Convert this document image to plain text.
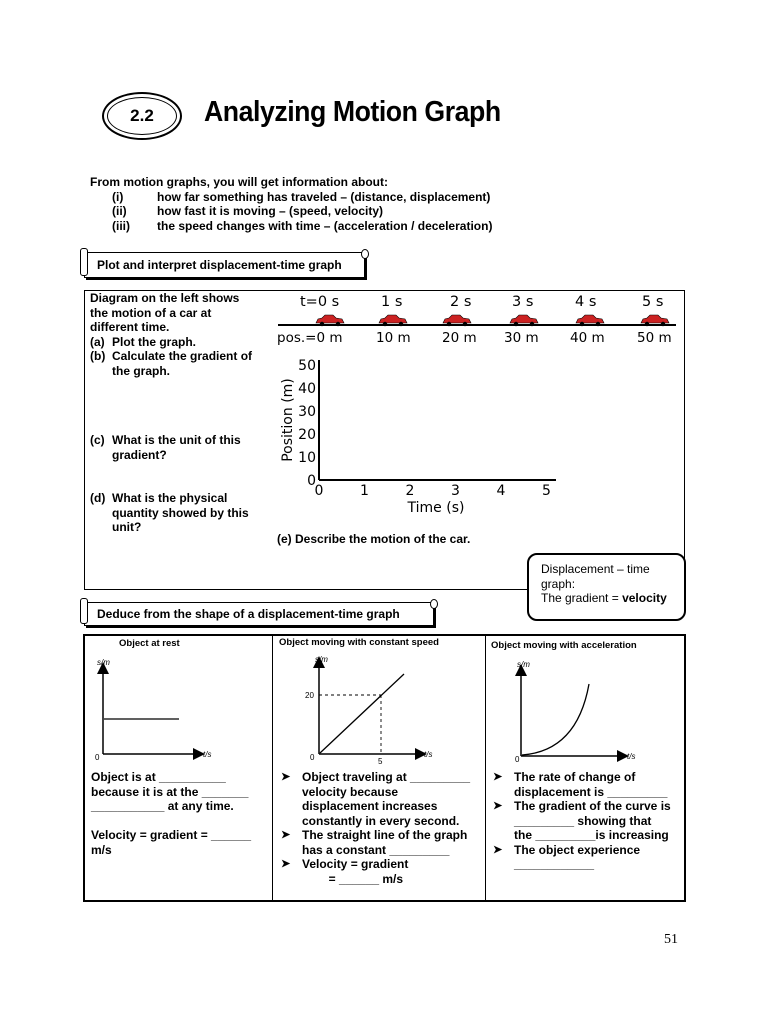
2.2 Analyzing Motion Graph
From motion graphs, you will get information about:
(i)	how far something has traveled – (distance, displacement)
(ii)	how fast it is moving – (speed, velocity)
(iii) the speed changes with time – (acceleration / deceleration)
Plot and interpret displacement-time graph
Diagram on the left shows
the motion of a car at
different time.
(a) Plot the graph.
(b) Calculate the gradient of
the graph.
(c) What is the unit of this
gradient?
(d) What is the physical
quantity showed by this
unit?
t=0 s	1 s	2 s	3 s	4 s	5 s
pos.=0 m 10 m 20 m 30 m 40 m 50 m
0
10
20
30
40
50
0	1	2	3	4	5
Position (m)
Time (s)
(e) Describe the motion of the car.
Displacement – time
graph:
The gradient = velocity
Deduce from the shape of a displacement-time graph
Object at rest
s/m
t/s
0
Object is at __________
because it is at the _______
___________ at any time.
Velocity = gradient = ______
m/s
Object moving with constant speed
s/m
t/s
0
20
5
➤ Object traveling at _________
velocity because
displacement increases
constantly in every second.
➤ The straight line of the graph
has a constant _________
➤ Velocity = gradient
= ______ m/s
Object moving with acceleration
s/m
t/s
0
➤ The rate of change of
displacement is _________
➤ The gradient of the curve is
_________ showing that
the _________is increasing
➤ The object experience
____________
51
